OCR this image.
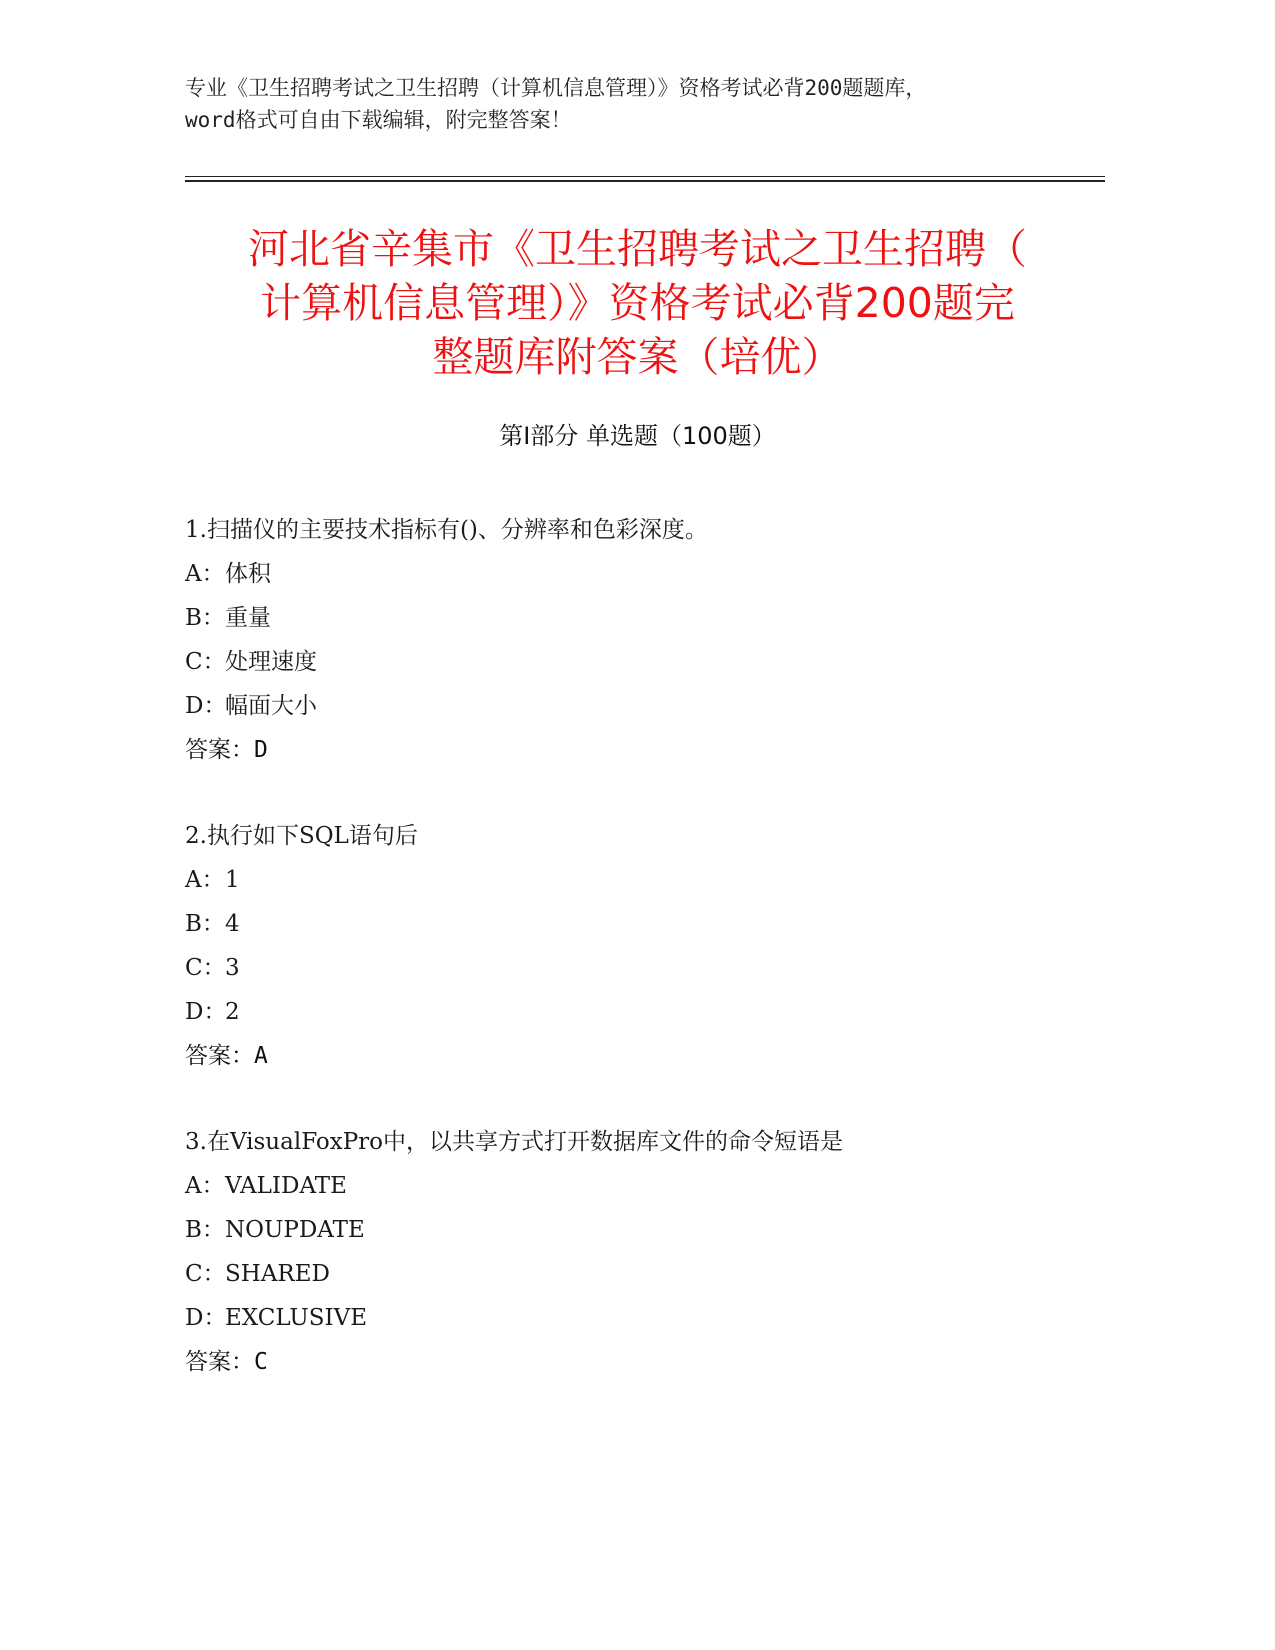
专业《卫生招聘考试之卫生招聘（计算机信息管理）》资格考试必背200题题库，
word格式可自由下载编辑，附完整答案！
河北省辛集市《卫生招聘考试之卫生招聘（
计算机信息管理）》资格考试必背200题完
整题库附答案（培优）
第Ⅰ部分 单选题（100题）
1.扫描仪的主要技术指标有()、分辨率和色彩深度。
A：体积
B：重量
C：处理速度
D：幅面大小
答案：D
2.执行如下SQL语句后
A：1
B：4
C：3
D：2
答案：A
3.在VisualFoxPro中，以共享方式打开数据库文件的命令短语是
A：VALIDATE
B：NOUPDATE
C：SHARED
D：EXCLUSIVE
答案：C
